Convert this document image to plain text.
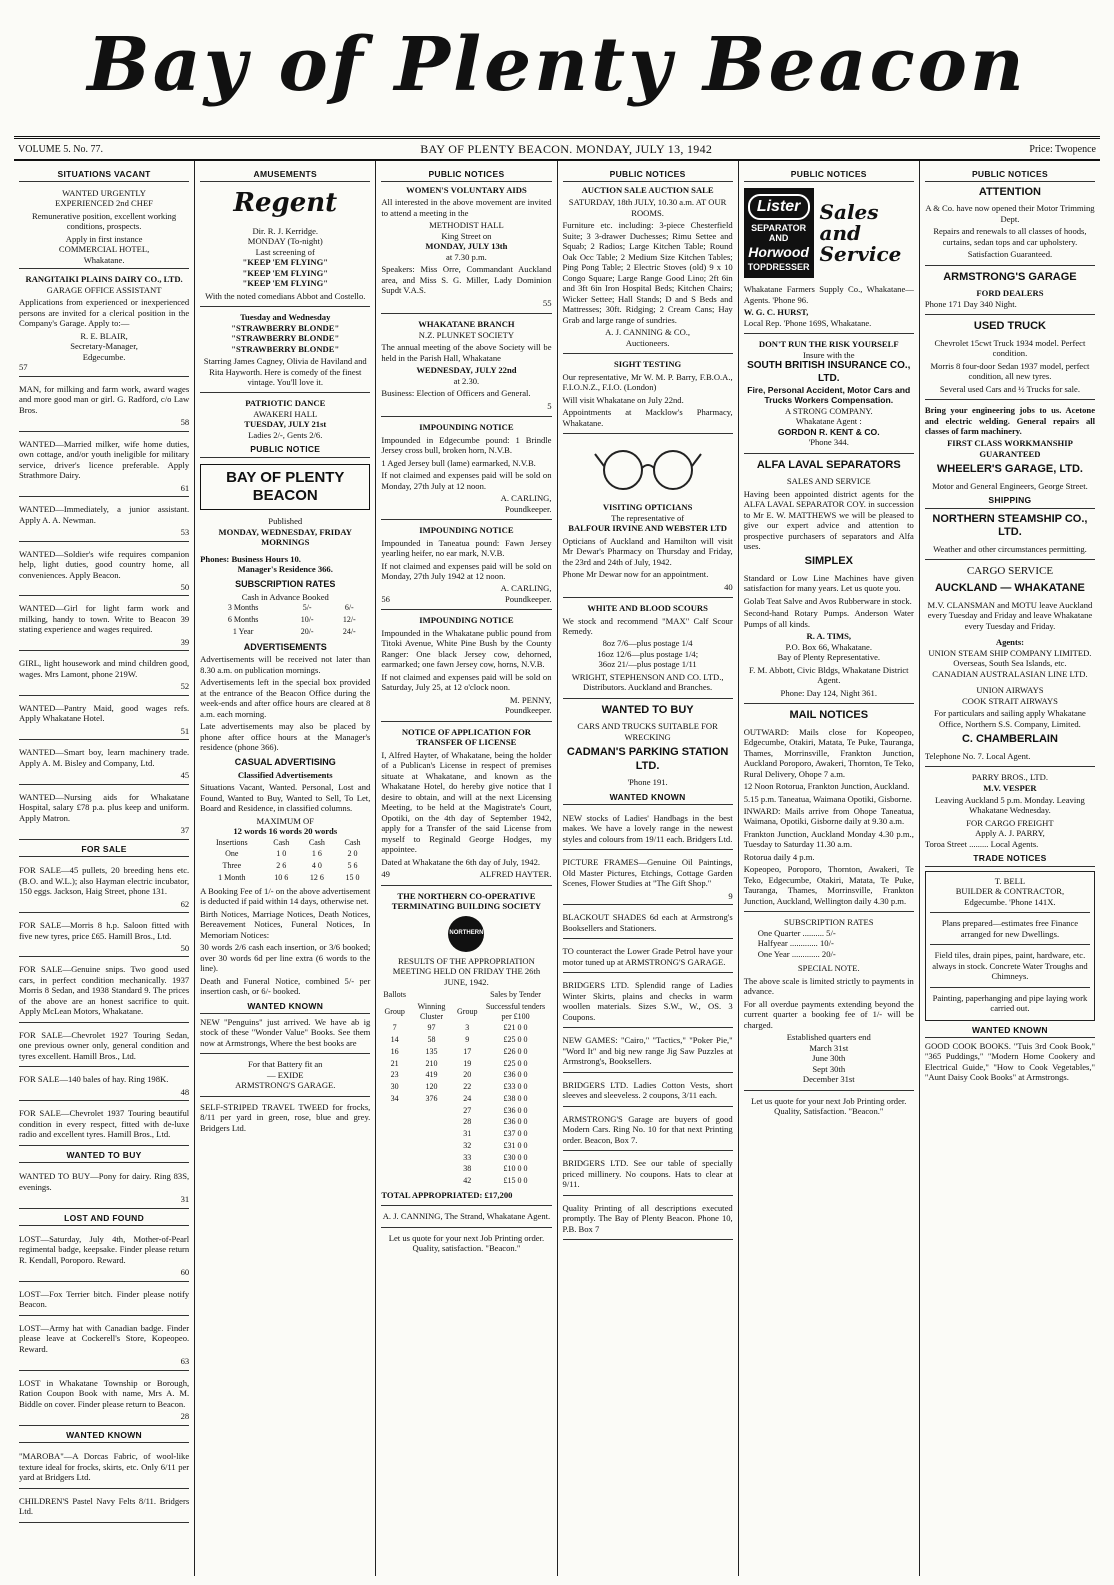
Bay of Plenty Beacon
VOLUME 5. No. 77.	BAY OF PLENTY BEACON. MONDAY, JULY 13, 1942	Price: Twopence
SITUATIONS VACANT
WANTED URGENTLY
EXPERIENCED 2nd CHEF

Remunerative position, excellent working conditions, prospects.

Apply in first instance
COMMERCIAL HOTEL,
Whakatane.
RANGITAIKI PLAINS DAIRY CO., LTD.
GARAGE OFFICE ASSISTANT

Applications from experienced or inexperienced persons are invited for a clerical position in the Company's Garage. Apply to:—

R. E. BLAIR,
Secretary-Manager,
Edgecumbe.
57

MAN, for milking and farm work, award wages and more good man or girl. G. Radford, c/o Law Bros.

58

WANTED—Married milker, wife home duties, own cottage, and/or youth ineligible for military service, driver's licence preferable. Apply Strathmore Dairy.

61

WANTED—Immediately, a junior assistant. Apply A. A. Newman.

53

WANTED—Soldier's wife requires companion help, light duties, good country home, all conveniences. Apply Beacon.

50

WANTED—Girl for light farm work and milking, handy to town. Write to Beacon 39 stating experience and wages required.

39

GIRL, light housework and mind children good, wages. Mrs Lamont, phone 219W.

52

WANTED—Pantry Maid, good wages refs. Apply Whakatane Hotel.

51

WANTED—Smart boy, learn machinery trade. Apply A. M. Bisley and Company, Ltd.

45

WANTED—Nursing aids for Whakatane Hospital, salary £78 p.a. plus keep and uniform. Apply Matron.

37
FOR SALE

FOR SALE—45 pullets, 20 breeding hens etc. (B.O. and W.L.); also Hayman electric incubator, 150 eggs. Jackson, Haig Street, phone 131.

62

FOR SALE—Morris 8 h.p. Saloon fitted with five new tyres, price £65. Hamill Bros., Ltd.

50

FOR SALE—Genuine snips. Two good used cars, in perfect condition mechanically. 1937 Morris 8 Sedan, and 1938 Standard 9. The prices of the above are an honest sacrifice to quit. Apply McLean Motors, Whakatane.

FOR SALE—Chevrolet 1927 Touring Sedan, one previous owner only, general condition and tyres excellent. Hamill Bros., Ltd.

FOR SALE—140 bales of hay. Ring 198K.

48

FOR SALE—Chevrolet 1937 Touring beautiful condition in every respect, fitted with de-luxe radio and excellent tyres. Hamill Bros., Ltd.

WANTED TO BUY

WANTED TO BUY—Pony for dairy. Ring 83S, evenings.

31
LOST AND FOUND

LOST—Saturday, July 4th, Mother-of-Pearl regimental badge, keepsake. Finder please return R. Kendall, Poroporo. Reward.

60

LOST—Fox Terrier bitch. Finder please notify Beacon.

LOST—Army hat with Canadian badge. Finder please leave at Cockerell's Store, Kopeopeo. Reward.

63

LOST in Whakatane Township or Borough, Ration Coupon Book with name, Mrs A. M. Biddle on cover. Finder please return to Beacon.

28
WANTED KNOWN

"MAROBA"—A Dorcas Fabric, of wool-like texture ideal for frocks, skirts, etc. Only 6/11 per yard at Bridgers Ltd.

CHILDREN'S Pastel Navy Felts 8/11. Bridgers Ltd.

AMUSEMENTS
Regent
Dir. R. J. Kerridge.
MONDAY (To-night)
Last screening of
"KEEP 'EM FLYING"
"KEEP 'EM FLYING"
"KEEP 'EM FLYING"

With the noted comedians Abbot and Costello.

Tuesday and Wednesday
"STRAWBERRY BLONDE"
"STRAWBERRY BLONDE"
"STRAWBERRY BLONDE"

Starring James Cagney, Olivia de Haviland and Rita Hayworth. Here is comedy of the finest vintage. You'll love it.

PATRIOTIC DANCE
AWAKERI HALL
TUESDAY, JULY 21st
Ladies 2/-, Gents 2/6.
PUBLIC NOTICE
BAY OF PLENTY BEACON
Published
MONDAY, WEDNESDAY, FRIDAY MORNINGS
Phones: Business Hours 10.
Manager's Residence 366.
SUBSCRIPTION RATES
Cash in Advance Booked
3 Months	5/-	6/-
6 Months	10/-	12/-
1 Year	20/-	24/-
ADVERTISEMENTS

Advertisements will be received not later than 8.30 a.m. on publication mornings.

Advertisements left in the special box provided at the entrance of the Beacon Office during the week-ends and after office hours are cleared at 8 a.m. each morning.

Late advertisements may also be placed by phone after office hours at the Manager's residence (phone 366).

CASUAL ADVERTISING
Classified Advertisements

Situations Vacant, Wanted. Personal, Lost and Found, Wanted to Buy, Wanted to Sell, To Let, Board and Residence, in classified columns.

MAXIMUM OF
12 words 16 words 20 words
Insertions	Cash	Cash	Cash
One	1 0	1 6	2 0
Three	2 6	4 0	5 6
1 Month	10 6	12 6	15 0

A Booking Fee of 1/- on the above advertisement is deducted if paid within 14 days, otherwise net.

Birth Notices, Marriage Notices, Death Notices, Bereavement Notices, Funeral Notices, In Memoriam Notices:

30 words 2/6 cash each insertion, or 3/6 booked; over 30 words 6d per line extra (6 words to the line).

Death and Funeral Notice, combined 5/- per insertion cash, or 6/- booked.

WANTED KNOWN

NEW "Penguins" just arrived. We have ab ig stock of these "Wonder Value" Books. See them now at Armstrongs, Where the best books are

For that Battery fit an
— EXIDE
ARMSTRONG'S GARAGE.

SELF-STRIPED TRAVEL TWEED for frocks, 8/11 per yard in green, rose, blue and grey. Bridgers Ltd.

PUBLIC NOTICES
WOMEN'S VOLUNTARY AIDS

All interested in the above movement are invited to attend a meeting in the

METHODIST HALL
King Street on
MONDAY, JULY 13th
at 7.30 p.m.

Speakers: Miss Orre, Commandant Auckland area, and Miss S. G. Miller, Lady Dominion Supdt V.A.S.

55
WHAKATANE BRANCH
N.Z. PLUNKET SOCIETY

The annual meeting of the above Society will be held in the Parish Hall, Whakatane

WEDNESDAY, JULY 22nd
at 2.30.

Business: Election of Officers and General.

5
IMPOUNDING NOTICE

Impounded in Edgecumbe pound: 1 Brindle Jersey cross bull, broken horn, N.V.B.

1 Aged Jersey bull (lame) earmarked, N.V.B.

If not claimed and expenses paid will be sold on Monday, 27th July at 12 noon.

A. CARLING,
Poundkeeper.
IMPOUNDING NOTICE

Impounded in Taneatua pound: Fawn Jersey yearling heifer, no ear mark, N.V.B.

If not claimed and expenses paid will be sold on Monday, 27th July 1942 at 12 noon.

A. CARLING,
56	Poundkeeper.
IMPOUNDING NOTICE

Impounded in the Whakatane public pound from Titoki Avenue, White Pine Bush by the County Ranger: One black Jersey cow, dehorned, earmarked; one fawn Jersey cow, horns, N.V.B.

If not claimed and expenses paid will be sold on Saturday, July 25, at 12 o'clock noon.

M. PENNY,
Poundkeeper.
NOTICE OF APPLICATION FOR TRANSFER OF LICENSE

I, Alfred Hayter, of Whakatane, being the holder of a Publican's License in respect of premises situate at Whakatane, and known as the Whakatane Hotel, do hereby give notice that I desire to obtain, and will at the next Licensing Meeting, to be held at the Magistrate's Court, Opotiki, on the 4th day of September 1942, apply for a Transfer of the said License from myself to Reginald George Hodges, my appointee.

Dated at Whakatane the 6th day of July, 1942.

49	ALFRED HAYTER.
THE NORTHERN CO-OPERATIVE TERMINATING BUILDING SOCIETY
NORTHERN

RESULTS OF THE APPROPRIATION MEETING HELD ON FRIDAY THE 26th JUNE, 1942.

Ballots			Sales by Tender
Group	Winning Cluster	Group	Successful tenders per £100
7	97	3	£21 0 0
14	58	9	£25 0 0
16	135	17	£26 0 0
21	210	19	£25 0 0
23	419	20	£36 0 0
30	120	22	£33 0 0
34	376	24	£38 0 0
		27	£36 0 0
		28	£36 0 0
		31	£37 0 0
		32	£31 0 0
		33	£30 0 0
		38	£10 0 0
		42	£15 0 0
TOTAL APPROPRIATED: £17,200

A. J. CANNING, The Strand, Whakatane Agent.

Let us quote for your next Job Printing order. Quality, satisfaction. "Beacon."

PUBLIC NOTICES
AUCTION SALE AUCTION SALE

SATURDAY, 18th JULY, 10.30 a.m. AT OUR ROOMS.

Furniture etc. including: 3-piece Chesterfield Suite; 3 3-drawer Duchesses; Rimu Settee and Squab; 2 Radios; Large Kitchen Table; Round Oak Occ Table; 2 Medium Size Kitchen Tables; Ping Pong Table; 2 Electric Stoves (old) 9 x 10 Congo Square; Large Range Good Lino; 2ft 6in and 3ft 6in Iron Hospital Beds; Kitchen Chairs; Wicker Settee; Hall Stands; D and S Beds and Mattresses; 30ft. Ridging; 2 Cream Cans; Hay Grab and large range of sundries.

A. J. CANNING & CO.,
Auctioneers.
SIGHT TESTING

Our representative, Mr W. M. P. Barry, F.B.O.A., F.I.O.N.Z., F.I.O. (London)

Will visit Whakatane on July 22nd.

Appointments at Macklow's Pharmacy, Whakatane.

VISITING OPTICIANS
The representative of
BALFOUR IRVINE AND WEBSTER LTD

Opticians of Auckland and Hamilton will visit Mr Dewar's Pharmacy on Thursday and Friday, the 23rd and 24th of July, 1942.

Phone Mr Dewar now for an appointment.

40
WHITE AND BLOOD SCOURS

We stock and recommend "MAX" Calf Scour Remedy.

8oz 7/6—plus postage 1/4
16oz 12/6—plus postage 1/4;
36oz 21/—plus postage 1/11

WRIGHT, STEPHENSON AND CO. LTD., Distributors. Auckland and Branches.

WANTED TO BUY
CARS AND TRUCKS SUITABLE FOR WRECKING
CADMAN'S PARKING STATION LTD.
'Phone 191.
WANTED KNOWN

NEW stocks of Ladies' Handbags in the best makes. We have a lovely range in the newest styles and colours from 19/11 each. Bridgers Ltd.

PICTURE FRAMES—Genuine Oil Paintings, Old Master Pictures, Etchings, Cottage Garden Scenes, Flower Studies at "The Gift Shop."

9

BLACKOUT SHADES 6d each at Armstrong's Booksellers and Stationers.

TO counteract the Lower Grade Petrol have your motor tuned up at ARMSTRONG'S GARAGE.

BRIDGERS LTD. Splendid range of Ladies Winter Skirts, plains and checks in warm woollen materials. Sizes S.W., W., OS. 3 Coupons.

NEW GAMES: "Cairo," "Tactics," "Poker Pie," "Word It" and big new range Jig Saw Puzzles at Armstrong's, Booksellers.

BRIDGERS LTD. Ladies Cotton Vests, short sleeves and sleeveless. 2 coupons, 3/11 each.

ARMSTRONG'S Garage are buyers of good Modern Cars. Ring No. 10 for that next Printing order. Beacon, Box 7.

BRIDGERS LTD. See our table of specially priced millinery. No coupons. Hats to clear at 9/11.

Quality Printing of all descriptions executed promptly. The Bay of Plenty Beacon. Phone 10, P.B. Box 7

PUBLIC NOTICES
Lister
SEPARATOR AND
Horwood
TOPDRESSER
Sales and Service

Whakatane Farmers Supply Co., Whakatane—Agents. 'Phone 96.

W. G. C. HURST,
Local Rep. 'Phone 169S, Whakatane.
DON'T RUN THE RISK YOURSELF
Insure with the
SOUTH BRITISH INSURANCE CO., LTD.
Fire, Personal Accident, Motor Cars and Trucks Workers Compensation.
A STRONG COMPANY.
Whakatane Agent :
GORDON R. KENT & CO.
'Phone 344.
ALFA LAVAL SEPARATORS
SALES AND SERVICE

Having been appointed district agents for the ALFA LAVAL SEPARATOR COY. in succession to Mr E. W. MATTHEWS we will be pleased to give our expert advice and attention to prospective purchasers of separators and Alfa uses.

SIMPLEX

Standard or Low Line Machines have given satisfaction for many years. Let us quote you.

Golab Teat Salve and Avos Rubberware in stock.

Second-hand Rotary Pumps. Anderson Water Pumps of all kinds.

R. A. TIMS,
P.O. Box 66, Whakatane.
Bay of Plenty Representative.

F. M. Abbott, Civic Bldgs, Whakatane District Agent.

Phone: Day 124, Night 361.
MAIL NOTICES

OUTWARD: Mails close for Kopeopeo, Edgecumbe, Otakiri, Matata, Te Puke, Tauranga, Thames, Morrinsville, Frankton Junction, Auckland Poroporo, Awakeri, Thornton, Te Teko, Rural Delivery, Ohope 7 a.m.

12 Noon Rotorua, Frankton Junction, Auckland.

5.15 p.m. Taneatua, Waimana Opotiki, Gisborne.

INWARD: Mails arrive from Ohope Taneatua, Waimana, Opotiki, Gisborne daily at 9.30 a.m.

Frankton Junction, Auckland Monday 4.30 p.m., Tuesday to Saturday 11.30 a.m.

Rotorua daily 4 p.m.

Kopeopeo, Poroporo, Thornton, Awakeri, Te Teko, Edgecumbe, Otakiri, Matata, Te Puke, Tauranga, Thames, Morrinsville, Frankton Junction, Auckland, Wellington daily 4.30 p.m.

SUBSCRIPTION RATES
One Quarter .......... 5/-
Halfyear ............. 10/-
One Year ............. 20/-
SPECIAL NOTE.

The above scale is limited strictly to payments in advance.

For all overdue payments extending beyond the current quarter a booking fee of 1/- will be charged.

Established quarters end
March 31st
June 30th
Sept 30th
December 31st

Let us quote for your next Job Printing order. Quality, Satisfaction. "Beacon."

PUBLIC NOTICES
ATTENTION

A & Co. have now opened their Motor Trimming Dept.

Repairs and renewals to all classes of hoods, curtains, sedan tops and car upholstery.

Satisfaction Guaranteed.
ARMSTRONG'S GARAGE
FORD DEALERS
Phone 171 Day 340 Night.
USED TRUCK

Chevrolet 15cwt Truck 1934 model. Perfect condition.

Morris 8 four-door Sedan 1937 model, perfect condition, all new tyres.

Several used Cars and ½ Trucks for sale.

Bring your engineering jobs to us. Acetone and electric welding. General repairs all classes of farm machinery.

FIRST CLASS WORKMANSHIP GUARANTEED
WHEELER'S GARAGE, LTD.
Motor and General Engineers, George Street.
SHIPPING
NORTHERN STEAMSHIP CO., LTD.
Weather and other circumstances permitting.
CARGO SERVICE
AUCKLAND — WHAKATANE

M.V. CLANSMAN and MOTU leave Auckland every Tuesday and Friday and leave Whakatane every Tuesday and Friday.

Agents:
UNION STEAM SHIP COMPANY LIMITED.
Overseas, South Sea Islands, etc.
CANADIAN AUSTRALASIAN LINE LTD.
UNION AIRWAYS
COOK STRAIT AIRWAYS

For particulars and sailing apply Whakatane Office, Northern S.S. Company, Limited.

C. CHAMBERLAIN
Telephone No. 7. Local Agent.
PARRY BROS., LTD.
M.V. VESPER

Leaving Auckland 5 p.m. Monday. Leaving Whakatane Wednesday.

FOR CARGO FREIGHT
Apply A. J. PARRY,
Toroa Street ......... Local Agents.
TRADE NOTICES
T. BELL
BUILDER & CONTRACTOR,
Edgecumbe. 'Phone 141X.

Plans prepared—estimates free Finance arranged for new Dwellings.

Field tiles, drain pipes, paint, hardware, etc. always in stock. Concrete Water Troughs and Chimneys.

Painting, paperhanging and pipe laying work carried out.

WANTED KNOWN

GOOD COOK BOOKS. "Tuis 3rd Cook Book," "365 Puddings," "Modern Home Cookery and Electrical Guide," "How to Cook Vegetables," "Aunt Daisy Cook Books" at Armstrongs.
